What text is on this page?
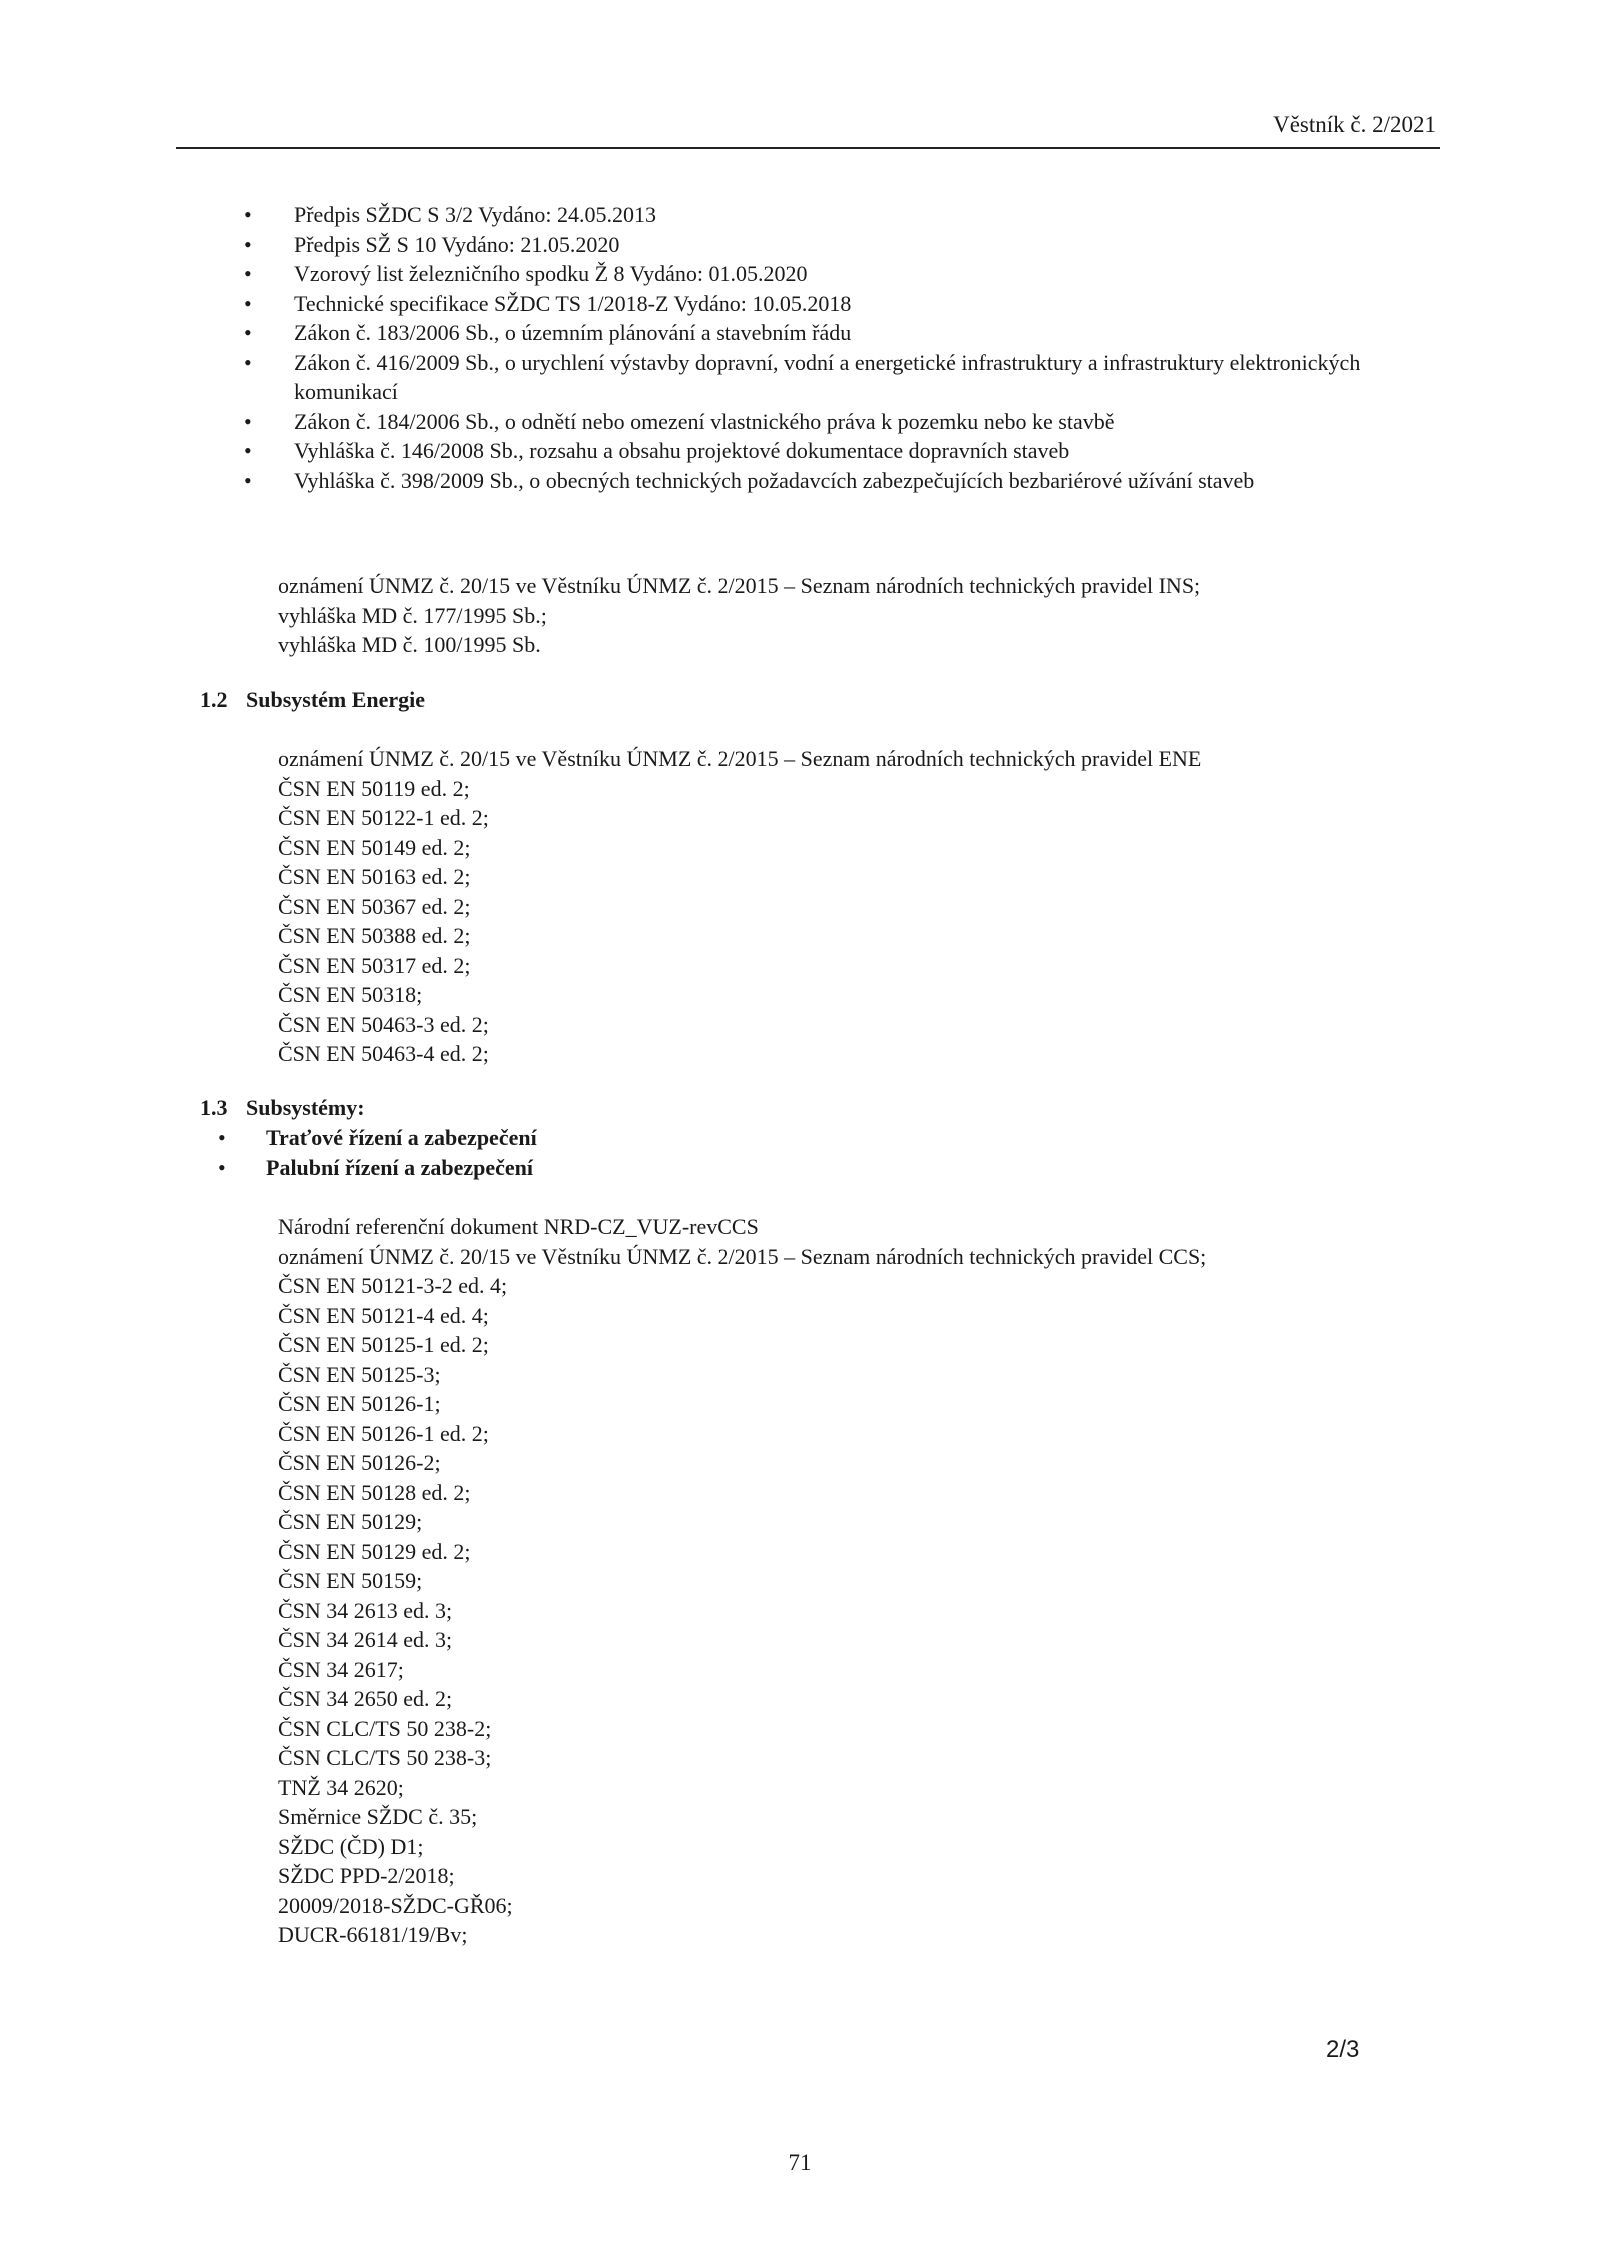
Věstník č. 2/2021
• Předpis SŽDC S 3/2 Vydáno: 24.05.2013
• Předpis SŽ S 10 Vydáno: 21.05.2020
• Vzorový list železničního spodku Ž 8 Vydáno: 01.05.2020
• Technické specifikace SŽDC TS 1/2018-Z Vydáno: 10.05.2018
• Zákon č. 183/2006 Sb., o územním plánování a stavebním řádu
• Zákon č. 416/2009 Sb., o urychlení výstavby dopravní, vodní a energetické infrastruktury a infrastruktury elektronických komunikací
• Zákon č. 184/2006 Sb., o odnětí nebo omezení vlastnického práva k pozemku nebo ke stavbě
• Vyhláška č. 146/2008 Sb., rozsahu a obsahu projektové dokumentace dopravních staveb
• Vyhláška č. 398/2009 Sb., o obecných technických požadavcích zabezpečujících bezbariérové užívání staveb
oznámení ÚNMZ č. 20/15 ve Věstníku ÚNMZ č. 2/2015 – Seznam národních technických pravidel INS;
vyhláška MD č. 177/1995 Sb.;
vyhláška MD č. 100/1995 Sb.
1.2 Subsystém Energie
oznámení ÚNMZ č. 20/15 ve Věstníku ÚNMZ č. 2/2015 – Seznam národních technických pravidel ENE
ČSN EN 50119 ed. 2;
ČSN EN 50122-1 ed. 2;
ČSN EN 50149 ed. 2;
ČSN EN 50163 ed. 2;
ČSN EN 50367 ed. 2;
ČSN EN 50388 ed. 2;
ČSN EN 50317 ed. 2;
ČSN EN 50318;
ČSN EN 50463-3 ed. 2;
ČSN EN 50463-4 ed. 2;
1.3 Subsystémy:
• Traťové řízení a zabezpečení
• Palubní řízení a zabezpečení
Národní referenční dokument NRD-CZ_VUZ-revCCS
oznámení ÚNMZ č. 20/15 ve Věstníku ÚNMZ č. 2/2015 – Seznam národních technických pravidel CCS;
ČSN EN 50121-3-2 ed. 4;
ČSN EN 50121-4 ed. 4;
ČSN EN 50125-1 ed. 2;
ČSN EN 50125-3;
ČSN EN 50126-1;
ČSN EN 50126-1 ed. 2;
ČSN EN 50126-2;
ČSN EN 50128 ed. 2;
ČSN EN 50129;
ČSN EN 50129 ed. 2;
ČSN EN 50159;
ČSN 34 2613 ed. 3;
ČSN 34 2614 ed. 3;
ČSN 34 2617;
ČSN 34 2650 ed. 2;
ČSN CLC/TS 50 238-2;
ČSN CLC/TS 50 238-3;
TNŽ 34 2620;
Směrnice SŽDC č. 35;
SŽDC (ČD) D1;
SŽDC PPD-2/2018;
20009/2018-SŽDC-GŘ06;
DUCR-66181/19/Bv;
2/3
71
